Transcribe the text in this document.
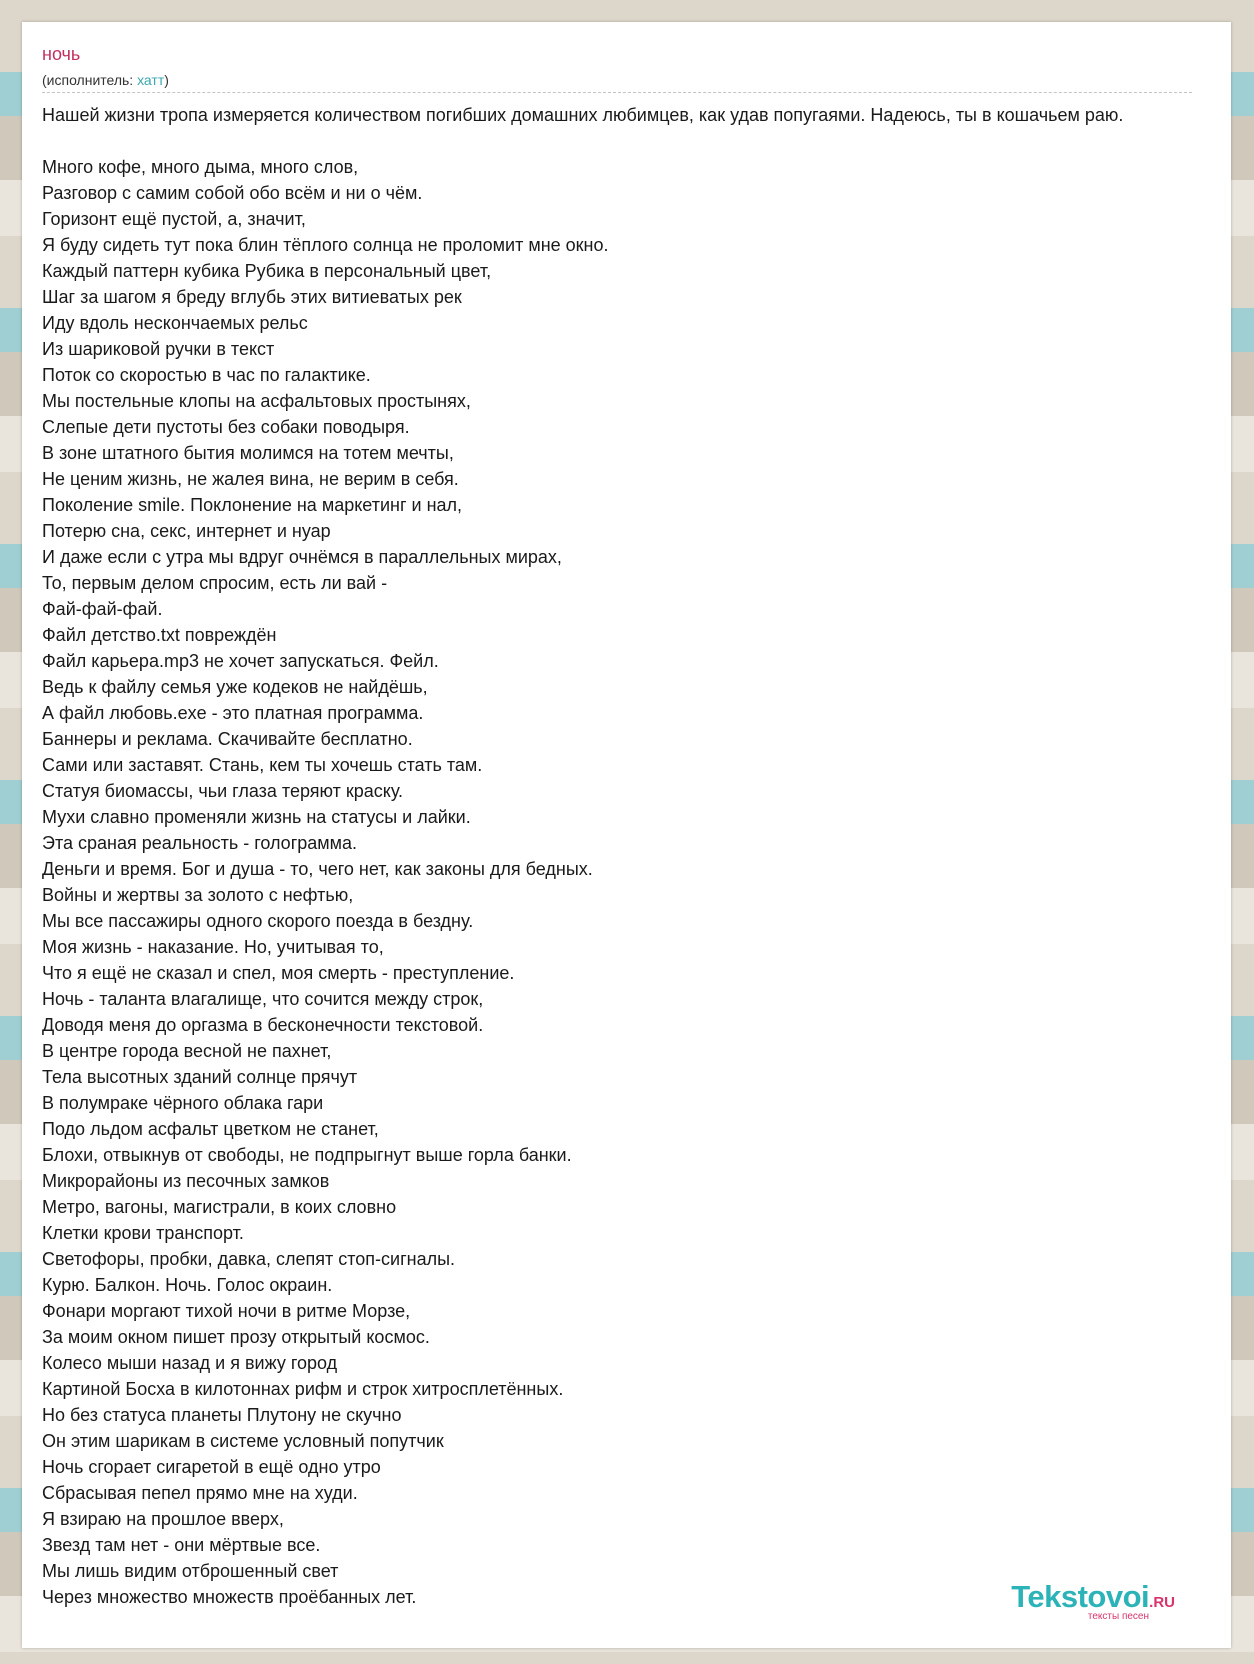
ночь
(исполнитель: хатт)
Нашей жизни тропа измеряется количеством погибших домашних любимцев, как удав попугаями. Надеюсь, ты в кошачьем раю.
Много кофе, много дыма, много слов,
Разговор с самим собой обо всём и ни о чём.
Горизонт ещё пустой, а, значит,
Я буду сидеть тут пока блин тёплого солнца не проломит мне окно.
Каждый паттерн кубика Рубика в персональный цвет,
Шаг за шагом я бреду вглубь этих витиеватых рек
Иду вдоль нескончаемых рельс
Из шариковой ручки в текст
Поток со скоростью в час по галактике.
Мы постельные клопы на асфальтовых простынях,
Слепые дети пустоты без собаки поводыря.
В зоне штатного бытия молимся на тотем мечты,
Не ценим жизнь, не жалея вина, не верим в себя.
Поколение smile. Поклонение на маркетинг и нал,
Потерю сна, секс, интернет и нуар
И даже если с утра мы вдруг очнёмся в параллельных мирах,
То, первым делом спросим, есть ли вай -
Фай-фай-фай.
Файл детство.txt повреждён
Файл карьера.mp3 не хочет запускаться. Фейл.
Ведь к файлу семья уже кодеков не найдёшь,
А файл любовь.exe - это платная программа.
Баннеры и реклама. Скачивайте бесплатно.
Сами или заставят. Стань, кем ты хочешь стать там.
Статуя биомассы, чьи глаза теряют краску.
Мухи славно променяли жизнь на статусы и лайки.
Эта сраная реальность - голограмма.
Деньги и время. Бог и душа - то, чего нет, как законы для бедных.
Войны и жертвы за золото с нефтью,
Мы все пассажиры одного скорого поезда в бездну.
Моя жизнь - наказание. Но, учитывая то,
Что я ещё не сказал и спел, моя смерть - преступление.
Ночь - таланта влагалище, что сочится между строк,
Доводя меня до оргазма в бесконечности текстовой.
В центре города весной не пахнет,
Тела высотных зданий солнце прячут
В полумраке чёрного облака гари
Подо льдом асфальт цветком не станет,
Блохи, отвыкнув от свободы, не подпрыгнут выше горла банки.
Микрорайоны из песочных замков
Метро, вагоны, магистрали, в коих словно
Клетки крови транспорт.
Светофоры, пробки, давка, слепят стоп-сигналы.
Курю. Балкон. Ночь. Голос окраин.
Фонари моргают тихой ночи в ритме Морзе,
За моим окном пишет прозу открытый космос.
Колесо мыши назад и я вижу город
Картиной Босха в килотоннах рифм и строк хитросплетённых.
Но без статуса планеты Плутону не скучно
Он этим шарикам в системе условный попутчик
Ночь сгорает сигаретой в ещё одно утро
Сбрасывая пепел прямо мне на худи.
Я взираю на прошлое вверх,
Звезд там нет - они мёртвые все.
Мы лишь видим отброшенный свет
Через множество множеств проёбанных лет.	Tekstovoi.RU
тексты песен
